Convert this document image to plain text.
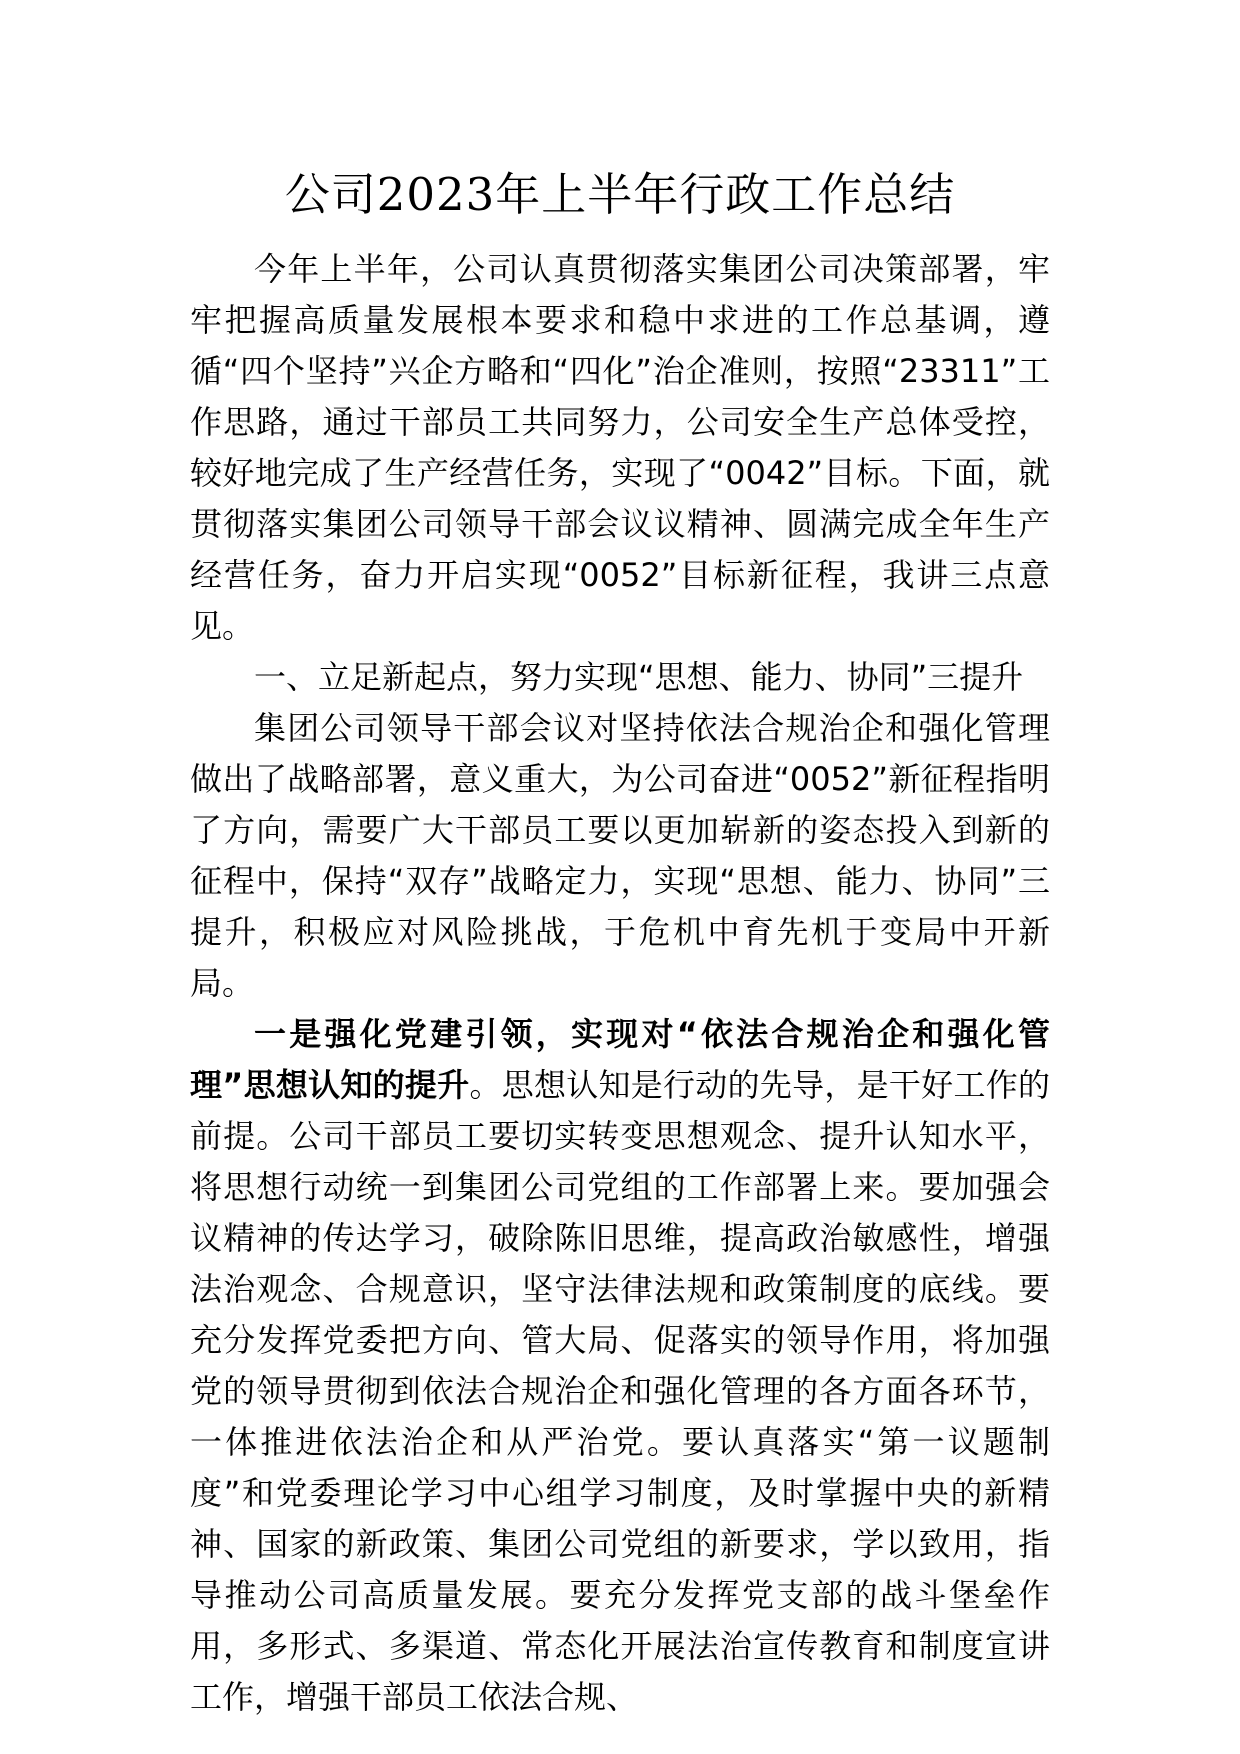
公司2023年上半年行政工作总结

今年上半年，公司认真贯彻落实集团公司决策部署，牢牢把握高质量发展根本要求和稳中求进的工作总基调，遵循“四个坚持”兴企方略和“四化”治企准则，按照“23311”工作思路，通过干部员工共同努力，公司安全生产总体受控，较好地完成了生产经营任务，实现了“0042”目标。下面，就贯彻落实集团公司领导干部会议议精神、圆满完成全年生产经营任务，奋力开启实现“0052”目标新征程，我讲三点意见。

一、立足新起点，努力实现“思想、能力、协同”三提升

集团公司领导干部会议对坚持依法合规治企和强化管理做出了战略部署，意义重大，为公司奋进“0052”新征程指明了方向，需要广大干部员工要以更加崭新的姿态投入到新的征程中，保持“双存”战略定力，实现“思想、能力、协同”三提升，积极应对风险挑战，于危机中育先机于变局中开新局。

一是强化党建引领，实现对“依法合规治企和强化管理”思想认知的提升。思想认知是行动的先导，是干好工作的前提。公司干部员工要切实转变思想观念、提升认知水平，将思想行动统一到集团公司党组的工作部署上来。要加强会议精神的传达学习，破除陈旧思维，提高政治敏感性，增强法治观念、合规意识，坚守法律法规和政策制度的底线。要充分发挥党委把方向、管大局、促落实的领导作用，将加强党的领导贯彻到依法合规治企和强化管理的各方面各环节，一体推进依法治企和从严治党。要认真落实“第一议题制度”和党委理论学习中心组学习制度，及时掌握中央的新精神、国家的新政策、集团公司党组的新要求，学以致用，指导推动公司高质量发展。要充分发挥党支部的战斗堡垒作用，多形式、多渠道、常态化开展法治宣传教育和制度宣讲工作，增强干部员工依法合规、
